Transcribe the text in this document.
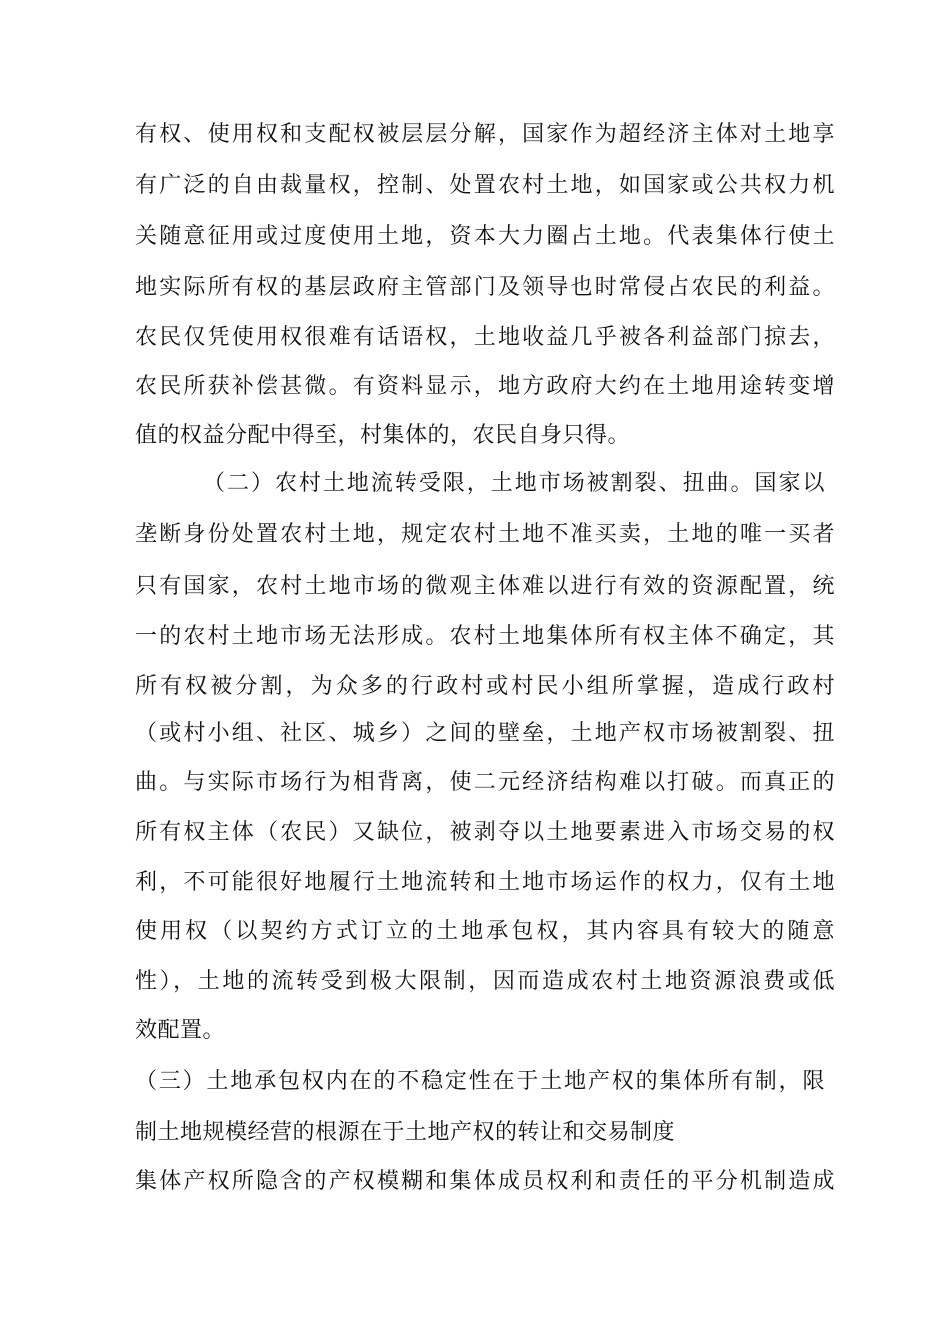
有权、使用权和支配权被层层分解，国家作为超经济主体对土地享
有广泛的自由裁量权，控制、处置农村土地，如国家或公共权力机
关随意征用或过度使用土地，资本大力圈占土地。代表集体行使土
地实际所有权的基层政府主管部门及领导也时常侵占农民的利益。
农民仅凭使用权很难有话语权，土地收益几乎被各利益部门掠去，
农民所获补偿甚微。有资料显示，地方政府大约在土地用途转变增
值的权益分配中得至，村集体的，农民自身只得。
（二）农村土地流转受限，土地市场被割裂、扭曲。国家以
垄断身份处置农村土地，规定农村土地不准买卖，土地的唯一买者
只有国家，农村土地市场的微观主体难以进行有效的资源配置，统
一的农村土地市场无法形成。农村土地集体所有权主体不确定，其
所有权被分割，为众多的行政村或村民小组所掌握，造成行政村
（或村小组、社区、城乡）之间的壁垒，土地产权市场被割裂、扭
曲。与实际市场行为相背离，使二元经济结构难以打破。而真正的
所有权主体（农民）又缺位，被剥夺以土地要素进入市场交易的权
利，不可能很好地履行土地流转和土地市场运作的权力，仅有土地
使用权（以契约方式订立的土地承包权，其内容具有较大的随意
性），土地的流转受到极大限制，因而造成农村土地资源浪费或低
效配置。
（三）土地承包权内在的不稳定性在于土地产权的集体所有制，限
制土地规模经营的根源在于土地产权的转让和交易制度
集体产权所隐含的产权模糊和集体成员权利和责任的平分机制造成
